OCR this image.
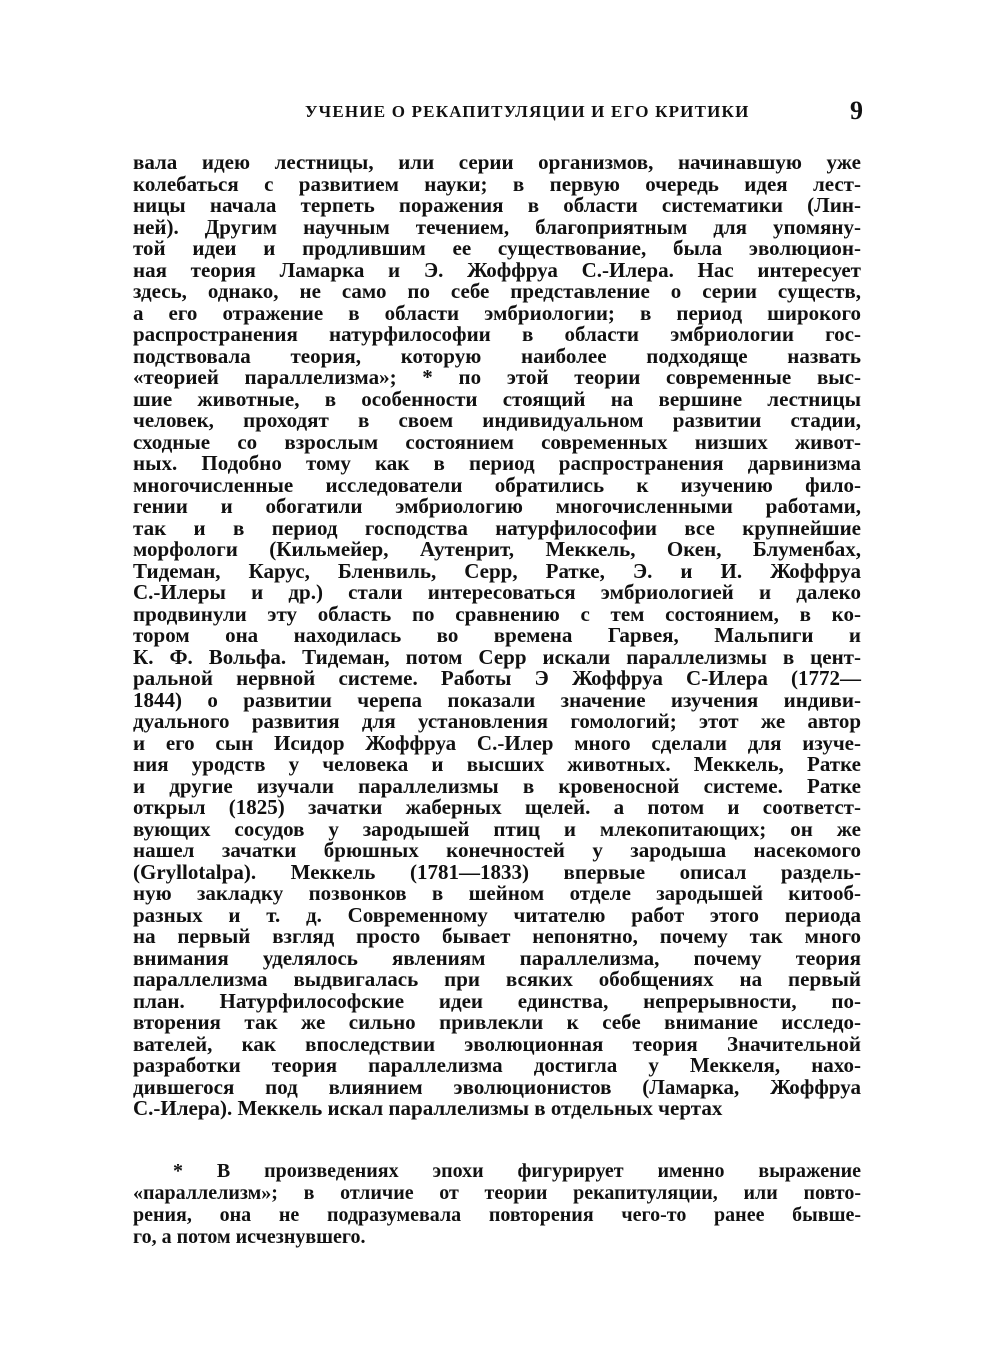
УЧЕНИЕ О РЕКАПИТУЛЯЦИИ И ЕГО КРИТИКИ	9
вала идею лестницы, или серии организмов, начинавшую уже
колебаться с развитием науки; в первую очередь идея лест-
ницы начала терпеть поражения в области систематики (Лин-
ней). Другим научным течением, благоприятным для упомяну-
той идеи и продлившим ее существование, была эволюцион-
ная теория Ламарка и Э. Жоффруа С.-Илера. Нас интересует
здесь, однако, не само по себе представление о серии существ,
а его отражение в области эмбриологии; в период широкого
распространения натурфилософии в области эмбриологии гос-
подствовала теория, которую наиболее подходяще назвать
«теорией параллелизма»; * по этой теории современные выс-
шие животные, в особенности стоящий на вершине лестницы
человек, проходят в своем индивидуальном развитии стадии,
сходные со взрослым состоянием современных низших живот-
ных. Подобно тому как в период распространения дарвинизма
многочисленные исследователи обратились к изучению фило-
гении и обогатили эмбриологию многочисленными работами,
так и в период господства натурфилософии все крупнейшие
морфологи (Кильмейер, Аутенрит, Меккель, Окен, Блуменбах,
Тидеман, Карус, Бленвиль, Серр, Ратке, Э. и И. Жоффруа
С.-Илеры и др.) стали интересоваться эмбриологией и далеко
продвинули эту область по сравнению с тем состоянием, в ко-
тором она находилась во времена Гарвея, Мальпиги и
К. Ф. Вольфа. Тидеман, потом Серр искали параллелизмы в цент-
ральной нервной системе. Работы Э Жоффруа С-Илера (1772—
1844) о развитии черепа показали значение изучения индиви-
дуального развития для установления гомологий; этот же автор
и его сын Исидор Жоффруа С.-Илер много сделали для изуче-
ния уродств у человека и высших животных. Меккель, Ратке
и другие изучали параллелизмы в кровеносной системе. Ратке
открыл (1825) зачатки жаберных щелей. а потом и соответст-
вующих сосудов у зародышей птиц и млекопитающих; он же
нашел зачатки брюшных конечностей у зародыша насекомого
(Gryllotalpa). Меккель (1781—1833) впервые описал раздель-
ную закладку позвонков в шейном отделе зародышей китооб-
разных и т. д. Современному читателю работ этого периода
на первый взгляд просто бывает непонятно, почему так много
внимания уделялось явлениям параллелизма, почему теория
параллелизма выдвигалась при всяких обобщениях на первый
план. Натурфилософские идеи единства, непрерывности, по-
вторения так же сильно привлекли к себе внимание исследо-
вателей, как впоследствии эволюционная теория Значительной
разработки теория параллелизма достигла у Меккеля, нахо-
дившегося под влиянием эволюционистов (Ламарка, Жоффруа
С.-Илера). Меккель искал параллелизмы в отдельных чертах
* В произведениях эпохи фигурирует именно выражение
«параллелизм»; в отличие от теории рекапитуляции, или повто-
рения, она не подразумевала повторения чего-то ранее бывше-
го, а потом исчезнувшего.
